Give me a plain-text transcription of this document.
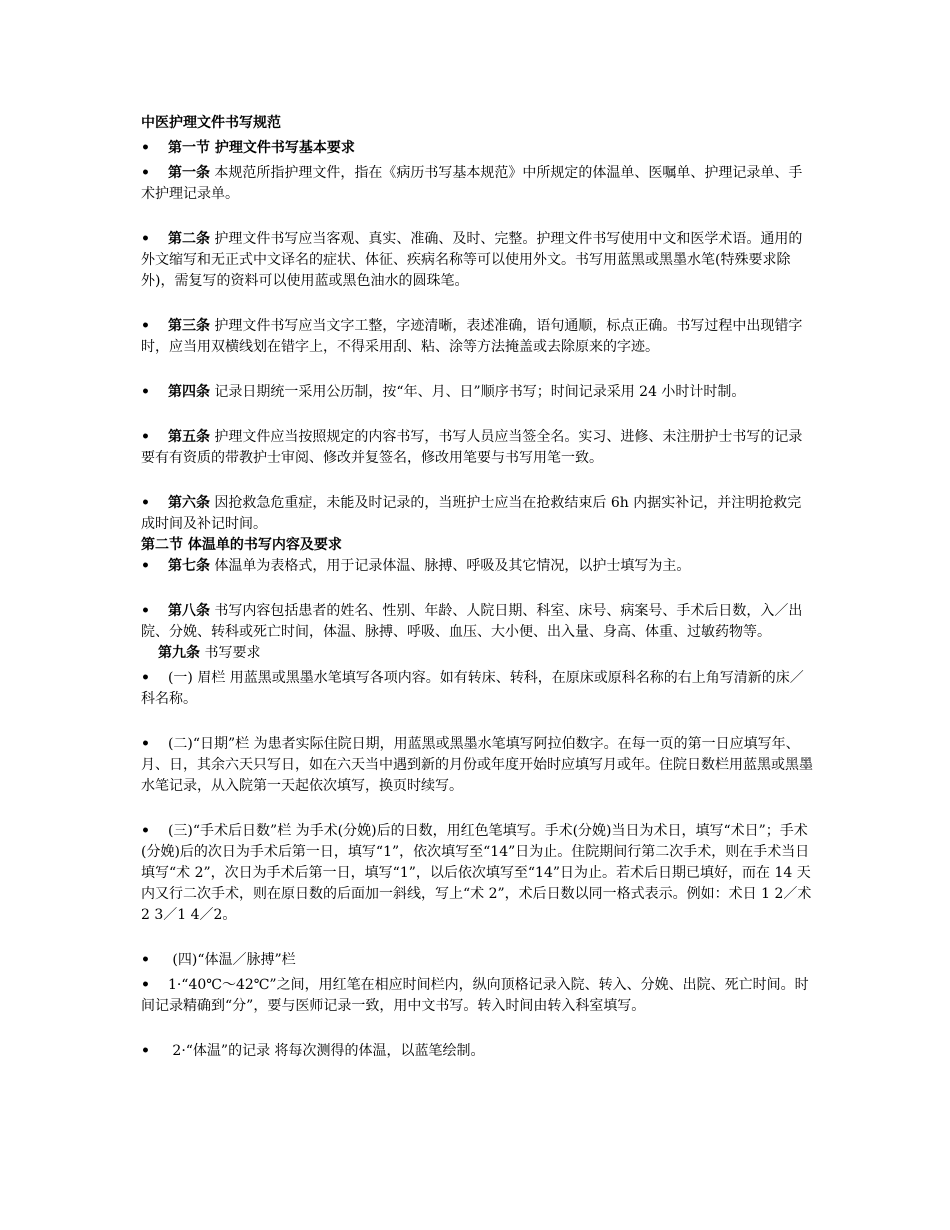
中医护理文件书写规范

• 第一节 护理文件书写基本要求

• 第一条 本规范所指护理文件，指在《病历书写基本规范》中所规定的体温单、医嘱单、护理记录单、手术护理记录单。

• 第二条 护理文件书写应当客观、真实、准确、及时、完整。护理文件书写使用中文和医学术语。通用的外文缩写和无正式中文译名的症状、体征、疾病名称等可以使用外文。书写用蓝黑或黑墨水笔(特殊要求除外)，需复写的资料可以使用蓝或黑色油水的圆珠笔。

• 第三条 护理文件书写应当文字工整，字迹清晰，表述准确，语句通顺，标点正确。书写过程中出现错字时，应当用双横线划在错字上，不得采用刮、粘、涂等方法掩盖或去除原来的字迹。

• 第四条 记录日期统一采用公历制，按“年、月、日”顺序书写；时间记录采用 24 小时计时制。

• 第五条 护理文件应当按照规定的内容书写，书写人员应当签全名。实习、进修、未注册护士书写的记录要有有资质的带教护士审阅、修改并复签名，修改用笔要与书写用笔一致。

• 第六条 因抢救急危重症，未能及时记录的，当班护士应当在抢救结束后 6h 内据实补记，并注明抢救完成时间及补记时间。

第二节 体温单的书写内容及要求

• 第七条 体温单为表格式，用于记录体温、脉搏、呼吸及其它情况，以护士填写为主。

• 第八条 书写内容包括患者的姓名、性别、年龄、人院日期、科室、床号、病案号、手术后日数，入／出院、分娩、转科或死亡时间，体温、脉搏、呼吸、血压、大小便、出入量、身高、体重、过敏药物等。

第九条 书写要求

• (一) 眉栏 用蓝黑或黑墨水笔填写各项内容。如有转床、转科，在原床或原科名称的右上角写清新的床／科名称。

• (二)“日期”栏 为患者实际住院日期，用蓝黑或黑墨水笔填写阿拉伯数字。在每一页的第一日应填写年、月、日，其余六天只写日，如在六天当中遇到新的月份或年度开始时应填写月或年。住院日数栏用蓝黑或黑墨水笔记录，从入院第一天起依次填写，换页时续写。

• (三)“手术后日数”栏 为手术(分娩)后的日数，用红色笔填写。手术(分娩)当日为术日，填写“术日”；手术(分娩)后的次日为手术后第一日，填写“1”，依次填写至“14”日为止。住院期间行第二次手术，则在手术当日填写“术 2”，次日为手术后第一日，填写“1”，以后依次填写至“14”日为止。若术后日期已填好，而在 14 天内又行二次手术，则在原日数的后面加一斜线，写上“术 2”，术后日数以同一格式表示。例如：术日 1 2／术 2 3／1 4／2。

• (四)“体温／脉搏”栏

• 1·“40℃～42℃”之间，用红笔在相应时间栏内，纵向顶格记录入院、转入、分娩、出院、死亡时间。时间记录精确到“分”，要与医师记录一致，用中文书写。转入时间由转入科室填写。

• 2·“体温”的记录 将每次测得的体温，以蓝笔绘制。
